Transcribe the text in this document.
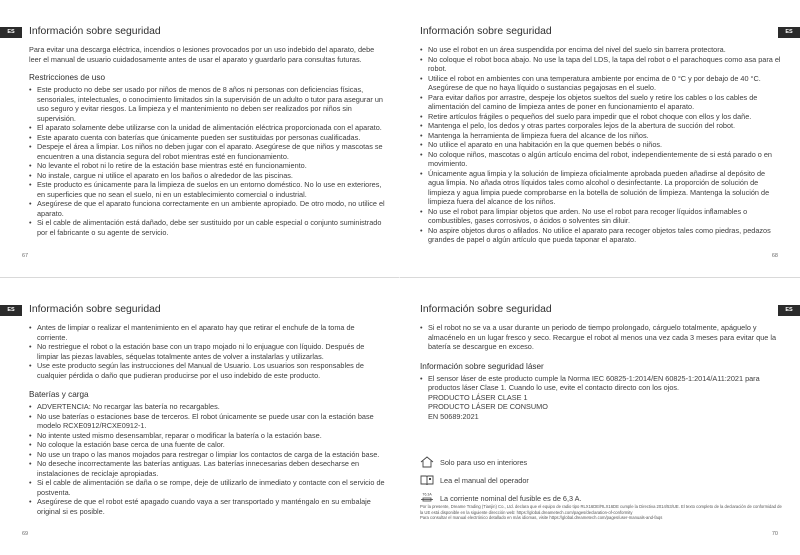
ES	Información sobre seguridad

Para evitar una descarga eléctrica, incendios o lesiones provocados por un uso indebido del aparato, debe leer el manual de usuario cuidadosamente antes de usar el aparato y guardarlo para consultas futuras.

Restricciones de uso
• Este producto no debe ser usado por niños de menos de 8 años ni personas con deficiencias físicas, sensoriales, intelectuales, o conocimiento limitados sin la supervisión de un adulto o tutor para asegurar un uso seguro y evitar riesgos. La limpieza y el mantenimiento no deben ser realizados por niños sin supervisión.
• El aparato solamente debe utilizarse con la unidad de alimentación eléctrica proporcionada con el aparato.
• Este aparato cuenta con baterías que únicamente pueden ser sustituidas por personas cualificadas.
• Despeje el área a limpiar. Los niños no deben jugar con el aparato. Asegúrese de que niños y mascotas se encuentren a una distancia segura del robot mientras esté en funcionamiento.
• No levante el robot ni lo retire de la estación base mientras esté en funcionamiento.
• No instale, cargue ni utilice el aparato en los baños o alrededor de las piscinas.
• Este producto es únicamente para la limpieza de suelos en un entorno doméstico. No lo use en exteriores, en superficies que no sean el suelo, ni en un establecimiento comercial o industrial.
• Asegúrese de que el aparato funciona correctamente en un ambiente apropiado. De otro modo, no utilice el aparato.
• Si el cable de alimentación está dañado, debe ser sustituido por un cable especial o conjunto suministrado por el fabricante o su agente de servicio.
67
ES
Información sobre seguridad
• No use el robot en un área suspendida por encima del nivel del suelo sin barrera protectora.
• No coloque el robot boca abajo. No use la tapa del LDS, la tapa del robot o el parachoques como asa para el robot.
• Utilice el robot en ambientes con una temperatura ambiente por encima de 0 °C y por debajo de 40 °C. Asegúrese de que no haya líquido o sustancias pegajosas en el suelo.
• Para evitar daños por arrastre, despeje los objetos sueltos del suelo y retire los cables o los cables de alimentación del camino de limpieza antes de poner en funcionamiento el aparato.
• Retire artículos frágiles o pequeños del suelo para impedir que el robot choque con ellos y los dañe.
• Mantenga el pelo, los dedos y otras partes corporales lejos de la abertura de succión del robot.
• Mantenga la herramienta de limpieza fuera del alcance de los niños.
• No utilice el aparato en una habitación en la que quemen bebés o niños.
• No coloque niños, mascotas o algún artículo encima del robot, independientemente de si está parado o en movimiento.
• Únicamente agua limpia y la solución de limpieza oficialmente aprobada pueden añadirse al depósito de agua limpia. No añada otros líquidos tales como alcohol o desinfectante. La proporción de solución de limpieza y agua limpia puede comprobarse en la botella de solución de limpieza. Mantenga la solución de limpieza fuera del alcance de los niños.
• No use el robot para limpiar objetos que arden. No use el robot para recoger líquidos inflamables o combustibles, gases corrosivos, o ácidos o solventes sin diluir.
• No aspire objetos duros o afilados. No utilice el aparato para recoger objetos tales como piedras, pedazos grandes de papel o algún artículo que pueda taponar el aparato.
68
ES	Información sobre seguridad
• Antes de limpiar o realizar el mantenimiento en el aparato hay que retirar el enchufe de la toma de corriente.
• No restriegue el robot o la estación base con un trapo mojado ni lo enjuague con líquido. Después de limpiar las piezas lavables, séquelas totalmente antes de volver a instalarlas y utilizarlas.
• Use este producto según las instrucciones del Manual de Usuario. Los usuarios son responsables de cualquier pérdida o daño que pudieran producirse por el uso indebido de este producto.
Baterías y carga
• ADVERTENCIA: No recargar las batería no recargables.
• No use baterías o estaciones base de terceros. El robot únicamente se puede usar con la estación base modelo RCXE0912/RCXE0912-1.
• No intente usted mismo desensamblar, reparar o modificar la batería o la estación base.
• No coloque la estación base cerca de una fuente de calor.
• No use un trapo o las manos mojados para restregar o limpiar los contactos de carga de la estación base.
• No deseche incorrectamente las baterías antiguas. Las baterías innecesarias deben desecharse en instalaciones de reciclaje apropiadas.
• Si el cable de alimentación se daña o se rompe, deje de utilizarlo de inmediato y contacte con el servicio de postventa.
• Asegúrese de que el robot esté apagado cuando vaya a ser transportado y manténgalo en su embalaje original si es posible.
69
ES
Información sobre seguridad
• Si el robot no se va a usar durante un periodo de tiempo prolongado, cárguelo totalmente, apáguelo y almacénelo en un lugar fresco y seco. Recargue el robot al menos una vez cada 3 meses para evitar que la batería se descargue en exceso.
Información sobre seguridad láser
• El sensor láser de este producto cumple la Norma IEC 60825-1:2014/EN 60825-1:2014/A11:2021 para productos láser Clase 1. Cuando lo use, evite el contacto directo con los ojos.

PRODUCTO LÁSER CLASE 1

PRODUCTO LÁSER DE CONSUMO

EN 50689:2021

Solo para uso en interiores
Lea el manual del operador
T6.3A La corriente nominal del fusible es de 6,3 A.

Por la presente, Dreame Trading (Tianjin) Co., Ltd. declara que el equipo de radio tipo RLX16DE/RLX16DE cumple la Directiva 2014/53/UE. El texto completo de la declaración de conformidad de la UE está disponible en la siguiente dirección web: https://global.dreametech.com/pages/declaration-of-conformity

Para consultar el manual electrónico detallado en más idiomas, visite https://global.dreametech.com/pages/user-manuals-and-faqs

70
